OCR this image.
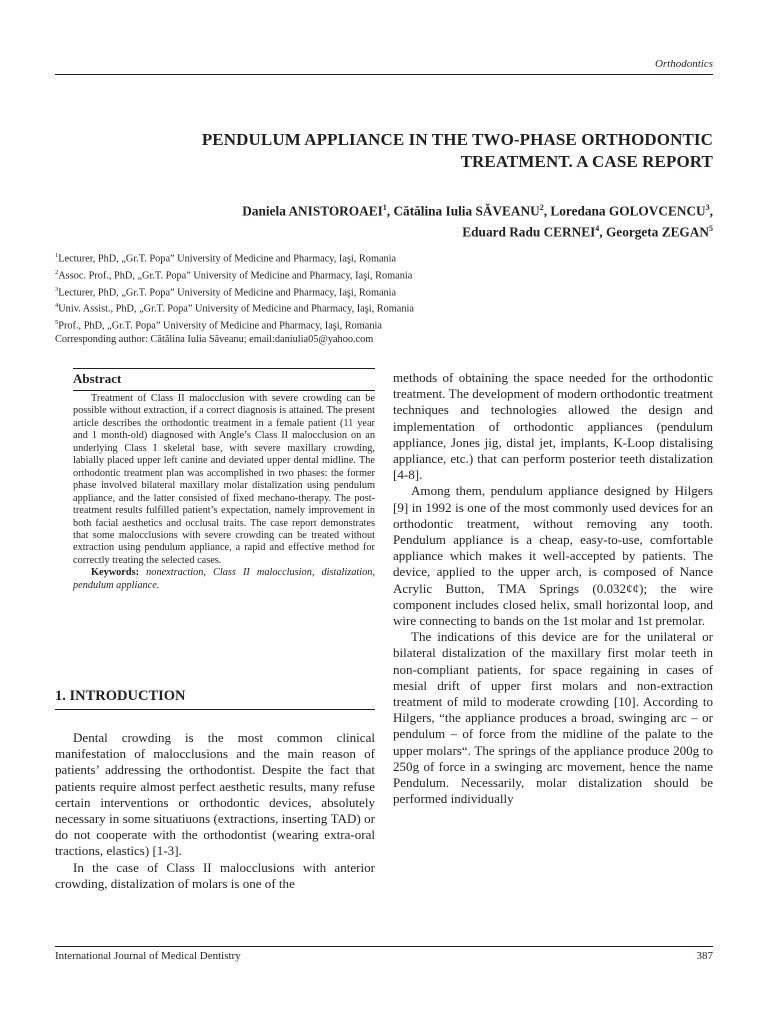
Orthodontics
PENDULUM APPLIANCE IN THE TWO-PHASE ORTHODONTIC
TREATMENT. A CASE REPORT
Daniela ANISTOROAEI$^1$, Cătălina Iulia SĂVEANU$^2$, Loredana GOLOVCENCU$^3$,
Eduard Radu CERNEI$^4$, Georgeta ZEGAN$^5$
$^1$Lecturer, PhD, „Gr.T. Popa” University of Medicine and Pharmacy, Iaşi, Romania
$^2$Assoc. Prof., PhD, „Gr.T. Popa” University of Medicine and Pharmacy, Iaşi, Romania
$^3$Lecturer, PhD, „Gr.T. Popa” University of Medicine and Pharmacy, Iaşi, Romania
$^4$Univ. Assist., PhD, „Gr.T. Popa” University of Medicine and Pharmacy, Iaşi, Romania
$^5$Prof., PhD, „Gr.T. Popa” University of Medicine and Pharmacy, Iaşi, Romania
Corresponding author: Cătălina Iulia Săveanu; email:daniulia05@yahoo.com
Abstract

Treatment of Class II malocclusion with severe crowding can be possible without extraction, if a correct diagnosis is attained. The present article describes the orthodontic treatment in a female patient (11 year and 1 month-old) diagnosed with Angle’s Class II malocclusion on an underlying Class I skeletal base, with severe maxillary crowding, labially placed upper left canine and deviated upper dental midline. The orthodontic treatment plan was accomplished in two phases: the former phase involved bilateral maxillary molar distalization using pendulum appliance, and the latter consisted of fixed mechano-therapy. The post-treatment results fulfilled patient’s expectation, namely improvement in both facial aesthetics and occlusal traits. The case report demonstrates that some malocclusions with severe crowding can be treated without extraction using pendulum appliance, a rapid and effective method for correctly treating the selected cases.

Keywords: nonextraction, Class II malocclusion, distalization, pendulum appliance.

1. INTRODUCTION

Dental crowding is the most common clinical manifestation of malocclusions and the main reason of patients’ addressing the orthodontist. Despite the fact that patients require almost perfect aesthetic results, many refuse certain interventions or orthodontic devices, absolutely necessary in some situatiuons (extractions, inserting TAD) or do not cooperate with the orthodontist (wearing extra-oral tractions, elastics) [1-3].

In the case of Class II malocclusions with anterior crowding, distalization of molars is one of the

methods of obtaining the space needed for the orthodontic treatment. The development of modern orthodontic treatment techniques and technologies allowed the design and implementation of orthodontic appliances (pendulum appliance, Jones jig, distal jet, implants, K-Loop distalising appliance, etc.) that can perform posterior teeth distalization [4-8].

Among them, pendulum appliance designed by Hilgers [9] in 1992 is one of the most commonly used devices for an orthodontic treatment, without removing any tooth. Pendulum appliance is a cheap, easy-to-use, comfortable appliance which makes it well-accepted by patients. The device, applied to the upper arch, is composed of Nance Acrylic Button, TMA Springs (0.032¢¢); the wire component includes closed helix, small horizontal loop, and wire connecting to bands on the 1st molar and 1st premolar.

The indications of this device are for the unilateral or bilateral distalization of the maxillary first molar teeth in non-compliant patients, for space regaining in cases of mesial drift of upper first molars and non-extraction treatment of mild to moderate crowding [10]. According to Hilgers, “the appliance produces a broad, swinging arc – or pendulum – of force from the midline of the palate to the upper molars“. The springs of the appliance produce 200g to 250g of force in a swinging arc movement, hence the name Pendulum. Necessarily, molar distalization should be performed individually

International Journal of Medical Dentistry	387
